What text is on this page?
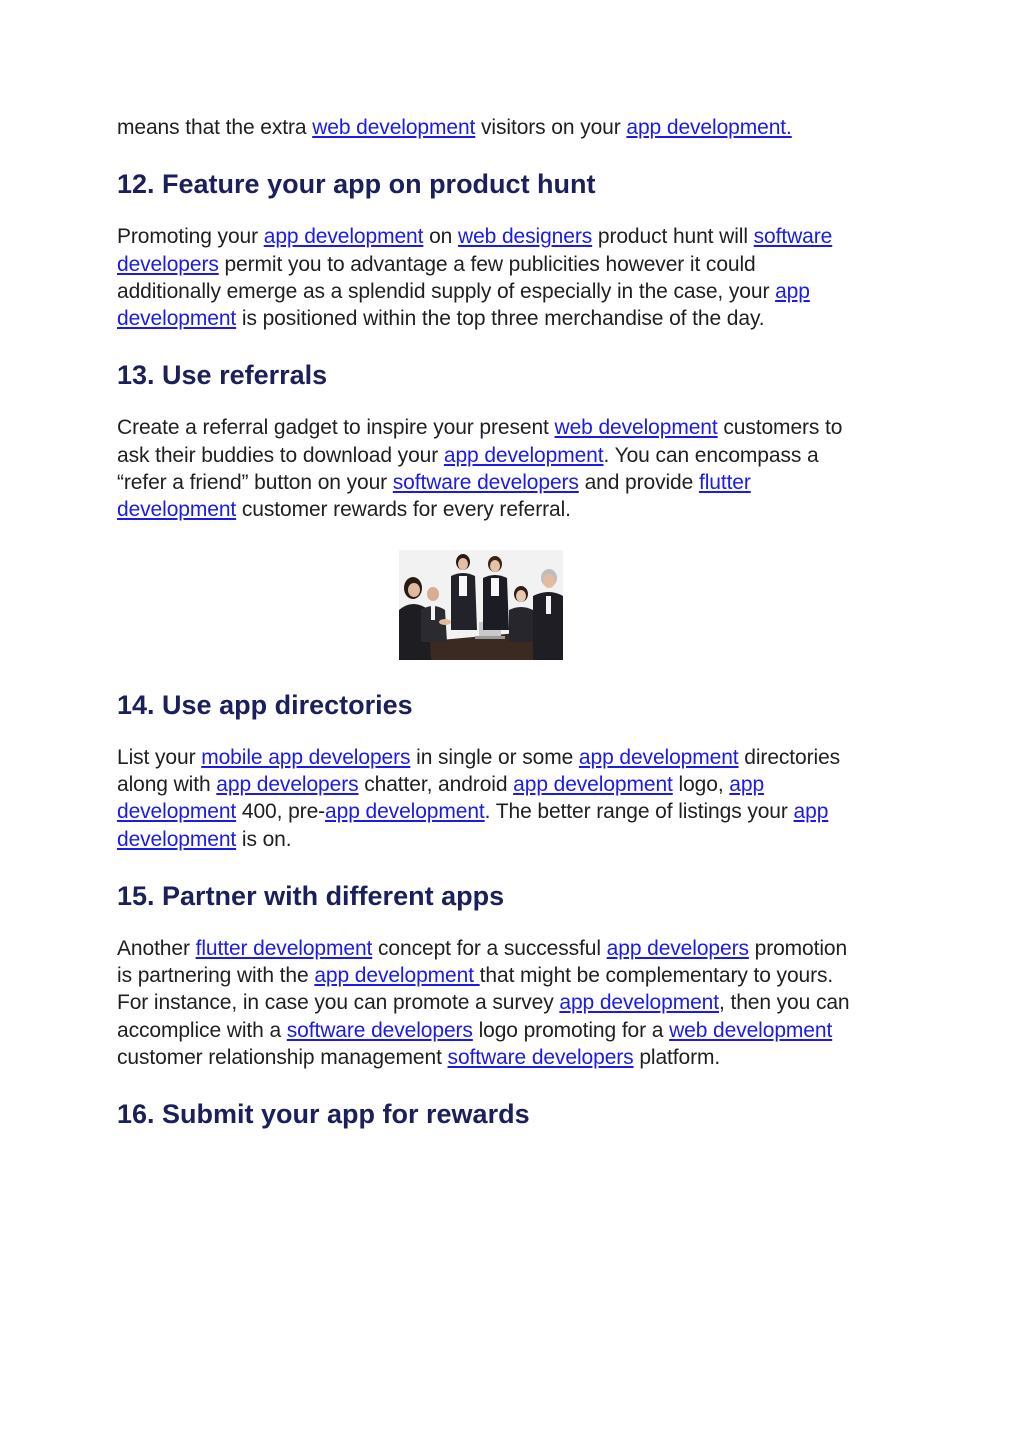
means that the extra web development visitors on your app development.

12. Feature your app on product hunt

Promoting your app development on web designers product hunt will software developers permit you to advantage a few publicities however it could additionally emerge as a splendid supply of especially in the case, your app development is positioned within the top three merchandise of the day.

13. Use referrals

Create a referral gadget to inspire your present web development customers to ask their buddies to download your app development. You can encompass a “refer a friend” button on your software developers and provide flutter development customer rewards for every referral.

14. Use app directories

List your mobile app developers in single or some app development directories along with app developers chatter, android app development logo, app development 400, pre-app development. The better range of listings your app development is on.

15. Partner with different apps

Another flutter development concept for a successful app developers promotion is partnering with the app development that might be complementary to yours. For instance, in case you can promote a survey app development, then you can accomplice with a software developers logo promoting for a web development customer relationship management software developers platform.

16. Submit your app for rewards
